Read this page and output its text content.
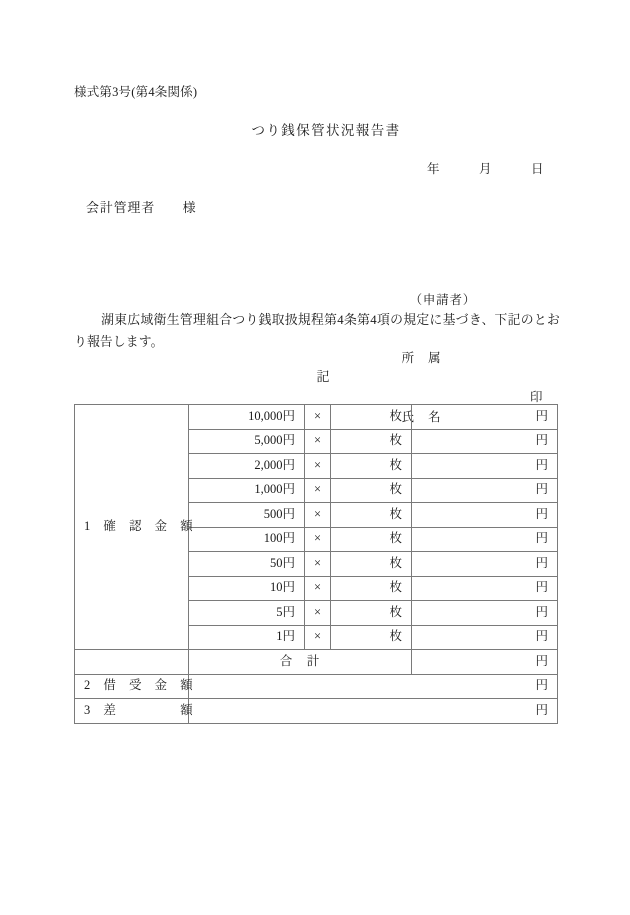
様式第3号(第4条関係)
つり銭保管状況報告書
年　　　月　　　日
会計管理者　　様

（申請者）

所　属

氏　名

印

　湖東広域衛生管理組合つり銭取扱規程第4条第4項の規定に基づき、下記のとおり報告します。
記
1　確　認　金　額	10,000円	×	枚	円
	5,000円	×	枚	円
	2,000円	×	枚	円
	1,000円	×	枚	円
	500円	×	枚	円
	100円	×	枚	円
	50円	×	枚	円
	10円	×	枚	円
	5円	×	枚	円
	1円	×	枚	円
	合　計			円
2　借　受　金　額	円			
3　差　　　　　額	円			
